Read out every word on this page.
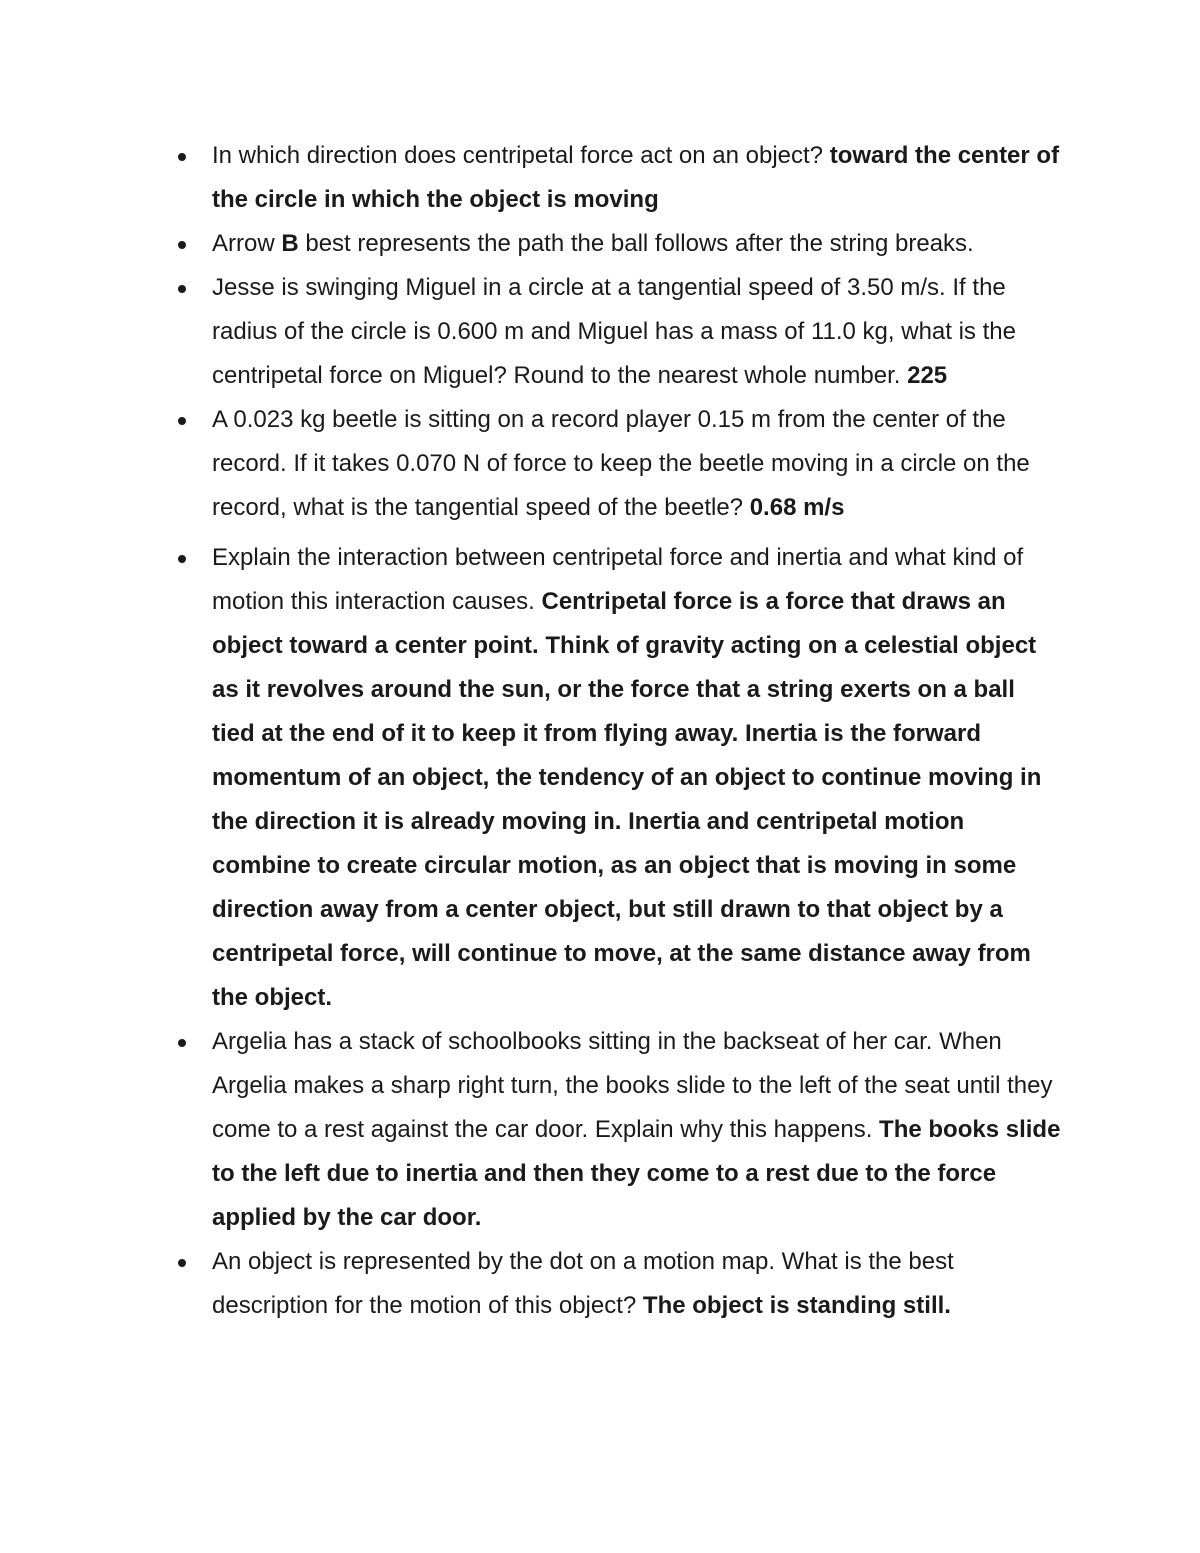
In which direction does centripetal force act on an object? toward the center of the circle in which the object is moving
Arrow B best represents the path the ball follows after the string breaks.
Jesse is swinging Miguel in a circle at a tangential speed of 3.50 m/s. If the radius of the circle is 0.600 m and Miguel has a mass of 11.0 kg, what is the centripetal force on Miguel? Round to the nearest whole number. 225
A 0.023 kg beetle is sitting on a record player 0.15 m from the center of the record. If it takes 0.070 N of force to keep the beetle moving in a circle on the record, what is the tangential speed of the beetle? 0.68 m/s
Explain the interaction between centripetal force and inertia and what kind of motion this interaction causes. Centripetal force is a force that draws an object toward a center point. Think of gravity acting on a celestial object as it revolves around the sun, or the force that a string exerts on a ball tied at the end of it to keep it from flying away. Inertia is the forward momentum of an object, the tendency of an object to continue moving in the direction it is already moving in. Inertia and centripetal motion combine to create circular motion, as an object that is moving in some direction away from a center object, but still drawn to that object by a centripetal force, will continue to move, at the same distance away from the object.
Argelia has a stack of schoolbooks sitting in the backseat of her car. When Argelia makes a sharp right turn, the books slide to the left of the seat until they come to a rest against the car door. Explain why this happens. The books slide to the left due to inertia and then they come to a rest due to the force applied by the car door.
An object is represented by the dot on a motion map. What is the best description for the motion of this object? The object is standing still.
